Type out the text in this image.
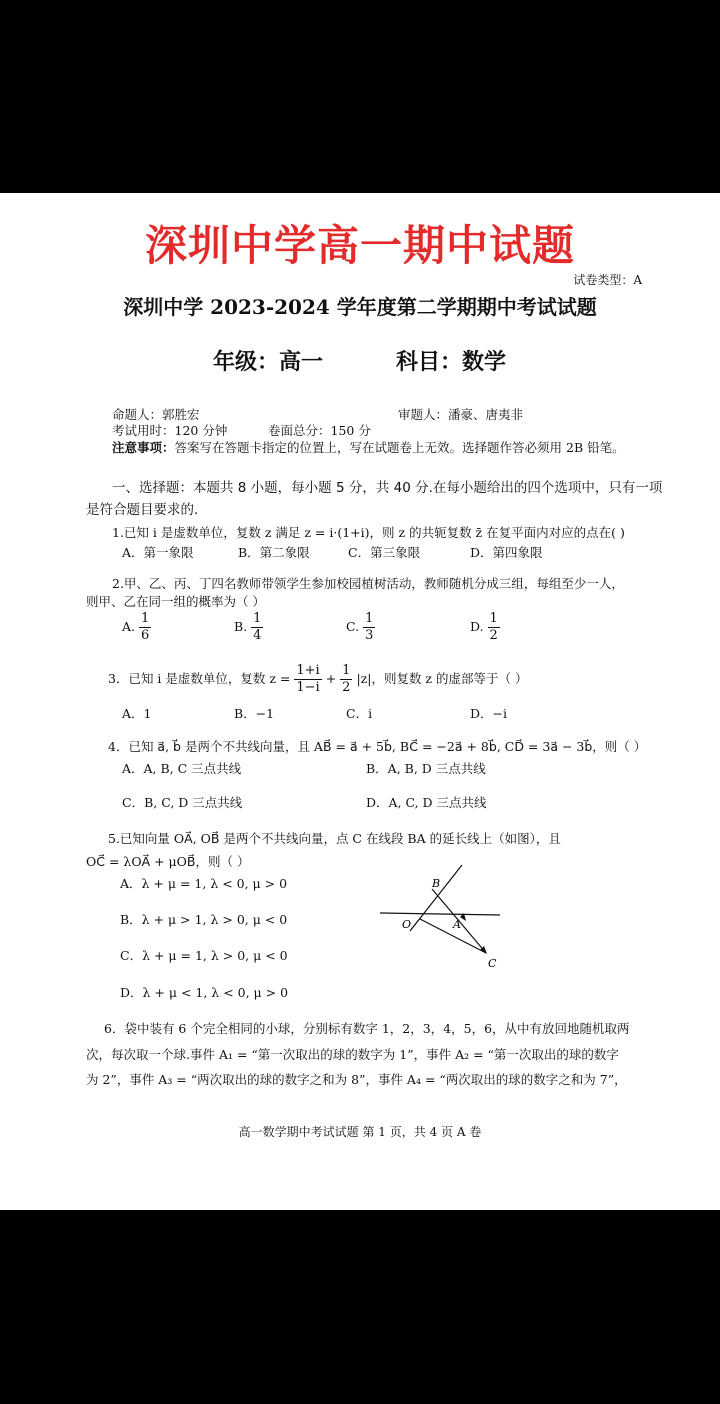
深圳中学高一期中试题
试卷类型：A
深圳中学 2023-2024 学年度第二学期期中考试试题
年级：高一	科目：数学
命题人：郭胜宏	审题人：潘豪、唐夷非
考试用时：120 分钟	卷面总分：150 分
注意事项：答案写在答题卡指定的位置上，写在试题卷上无效。选择题作答必须用 2B 铅笔。
一、选择题：本题共 8 小题，每小题 5 分，共 40 分.在每小题给出的四个选项中，只有一项
是符合题目要求的.
1.已知 i 是虚数单位，复数 z 满足 z = i·(1+i)，则 z 的共轭复数 z̄ 在复平面内对应的点在( )
A．第一象限	B．第二象限	C．第三象限	D．第四象限
2.甲、乙、丙、丁四名教师带领学生参加校园植树活动，教师随机分成三组，每组至少一人，
则甲、乙在同一组的概率为（ ）
A. $\frac{1}{6}$	B. $\frac{1}{4}$	C. $\frac{1}{3}$	D. $\frac{1}{2}$
3．已知 i 是虚数单位，复数 $z = \frac{1+i}{1-i} + \frac{1}{2} |z|$，则复数 z 的虚部等于（ ）
A．1	B．−1	C．i	D．−i
4．已知 a⃗, b⃗ 是两个不共线向量，且 AB⃗ = a⃗ + 5b⃗, BC⃗ = −2a⃗ + 8b⃗, CD⃗ = 3a⃗ − 3b⃗，则（ ）
A．A, B, C 三点共线	B．A, B, D 三点共线
C．B, C, D 三点共线	D．A, C, D 三点共线
5.已知向量 OA⃗, OB⃗ 是两个不共线向量，点 C 在线段 BA 的延长线上（如图），且
OC⃗ = λOA⃗ + μOB⃗，则（ ）
A．λ + μ = 1, λ < 0, μ > 0
B．λ + μ > 1, λ > 0, μ < 0
C．λ + μ = 1, λ > 0, μ < 0
D．λ + μ < 1, λ < 0, μ > 0
B
O	A
C
6．袋中装有 6 个完全相同的小球，分别标有数字 1，2，3，4，5，6，从中有放回地随机取两
次，每次取一个球.事件 A₁ = “第一次取出的球的数字为 1”，事件 A₂ = “第一次取出的球的数字
为 2”，事件 A₃ = “两次取出的球的数字之和为 8”，事件 A₄ = “两次取出的球的数字之和为 7”，
高一数学期中考试试题 第 1 页，共 4 页 A 卷
